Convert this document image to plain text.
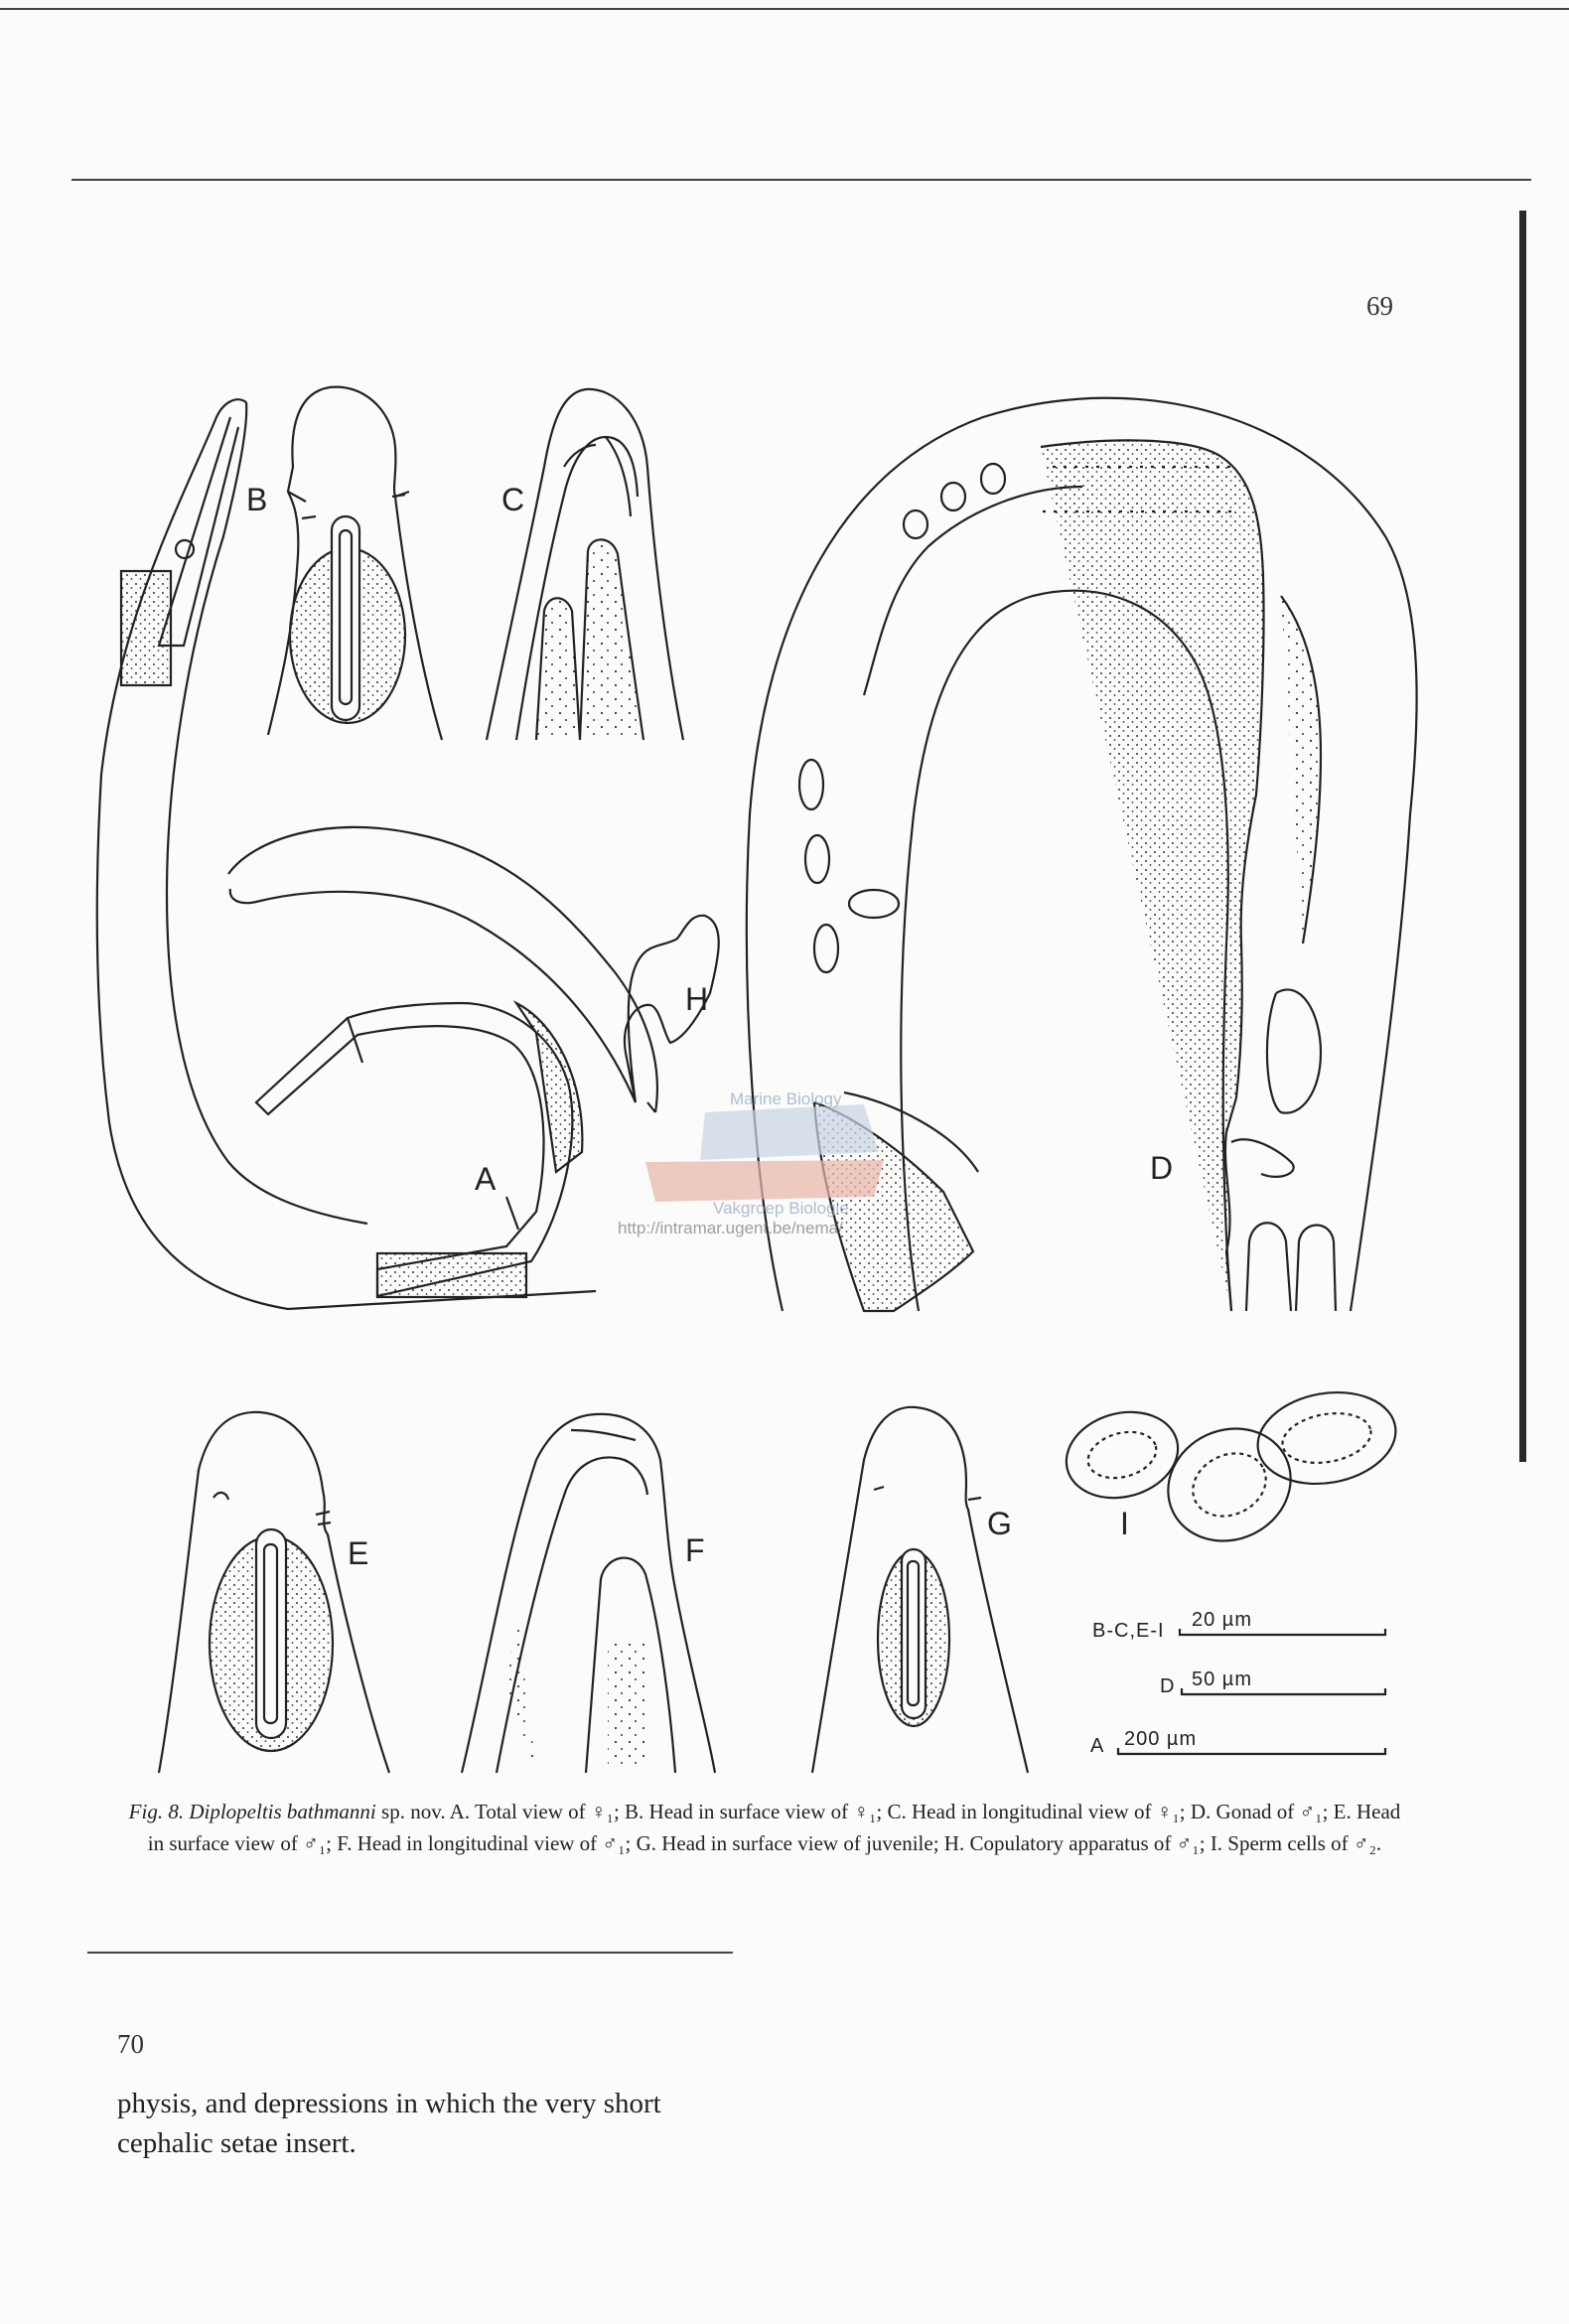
69
A
B	C
H
D
Marine Biology
Vakgroep Biologie
http://intramar.ugent.be/nema/
E	F
G	I
B-C,E-I 20 µm
D 50 µm
A 200 µm
Fig. 8. Diplopeltis bathmanni sp. nov. A. Total view of ♀₁; B. Head in surface view of ♀₁; C. Head in longitudinal view of ♀₁; D. Gonad of ♂₁; E. Head in surface view of ♂₁; F. Head in longitudinal view of ♂₁; G. Head in surface view of juvenile; H. Copulatory apparatus of ♂₁; I. Sperm cells of ♂₂.
70
physis, and depressions in which the very short cephalic setae insert.
